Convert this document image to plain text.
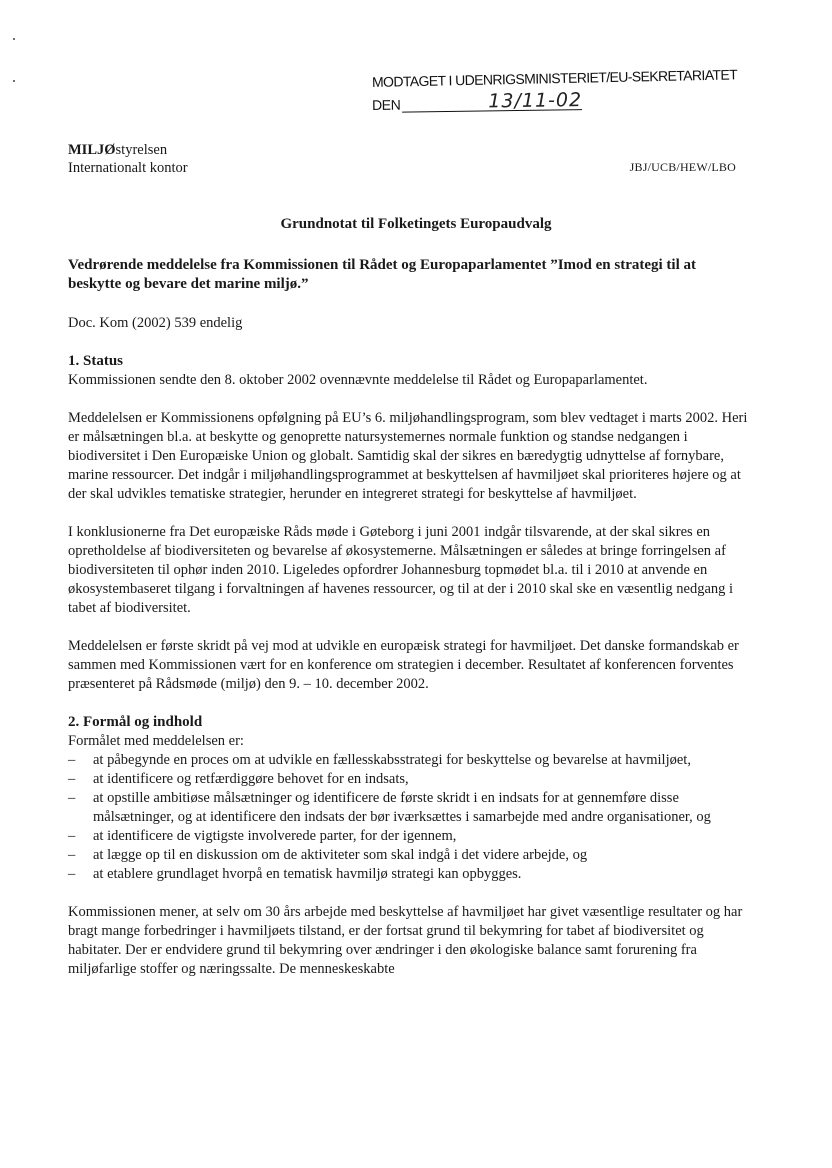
MODTAGET I UDENRIGSMINISTERIET/EU-SEKRETARIATET
DEN	13/11-02
MILJØstyrelsen
Internationalt kontor	JBJ/UCB/HEW/LBO
Grundnotat til Folketingets Europaudvalg
Vedrørende meddelelse fra Kommissionen til Rådet og Europaparlamentet ”Imod en strategi til at beskytte og bevare det marine miljø.”
Doc. Kom (2002) 539 endelig

1. Status

Kommissionen sendte den 8. oktober 2002 ovennævnte meddelelse til Rådet og Europaparlamentet.

Meddelelsen er Kommissionens opfølgning på EU’s 6. miljøhandlingsprogram, som blev vedtaget i marts 2002. Heri er målsætningen bl.a. at beskytte og genoprette natursystemernes normale funktion og standse nedgangen i biodiversitet i Den Europæiske Union og globalt. Samtidig skal der sikres en bæredygtig udnyttelse af fornybare, marine ressourcer. Det indgår i miljøhandlingsprogrammet at beskyttelsen af havmiljøet skal prioriteres højere og at der skal udvikles tematiske strategier, herunder en integreret strategi for beskyttelse af havmiljøet.

I konklusionerne fra Det europæiske Råds møde i Gøteborg i juni 2001 indgår tilsvarende, at der skal sikres en opretholdelse af biodiversiteten og bevarelse af økosystemerne. Målsætningen er således at bringe forringelsen af biodiversiteten til ophør inden 2010. Ligeledes opfordrer Johannesburg topmødet bl.a. til i 2010 at anvende en økosystembaseret tilgang i forvaltningen af havenes ressourcer, og til at der i 2010 skal ske en væsentlig nedgang i tabet af biodiversitet.

Meddelelsen er første skridt på vej mod at udvikle en europæisk strategi for havmiljøet. Det danske formandskab er sammen med Kommissionen vært for en konference om strategien i december. Resultatet af konferencen forventes præsenteret på Rådsmøde (miljø) den 9. – 10. december 2002.

2. Formål og indhold

Formålet med meddelelsen er:

– at påbegynde en proces om at udvikle en fællesskabsstrategi for beskyttelse og bevarelse at havmiljøet,
– at identificere og retfærdiggøre behovet for en indsats,
– at opstille ambitiøse målsætninger og identificere de første skridt i en indsats for at gennemføre disse målsætninger, og at identificere den indsats der bør iværksættes i samarbejde med andre organisationer, og
– at identificere de vigtigste involverede parter, for der igennem,
– at lægge op til en diskussion om de aktiviteter som skal indgå i det videre arbejde, og
– at etablere grundlaget hvorpå en tematisk havmiljø strategi kan opbygges.

Kommissionen mener, at selv om 30 års arbejde med beskyttelse af havmiljøet har givet væsentlige resultater og har bragt mange forbedringer i havmiljøets tilstand, er der fortsat grund til bekymring for tabet af biodiversitet og habitater. Der er endvidere grund til bekymring over ændringer i den økologiske balance samt forurening fra miljøfarlige stoffer og næringssalte. De menneskeskabte
